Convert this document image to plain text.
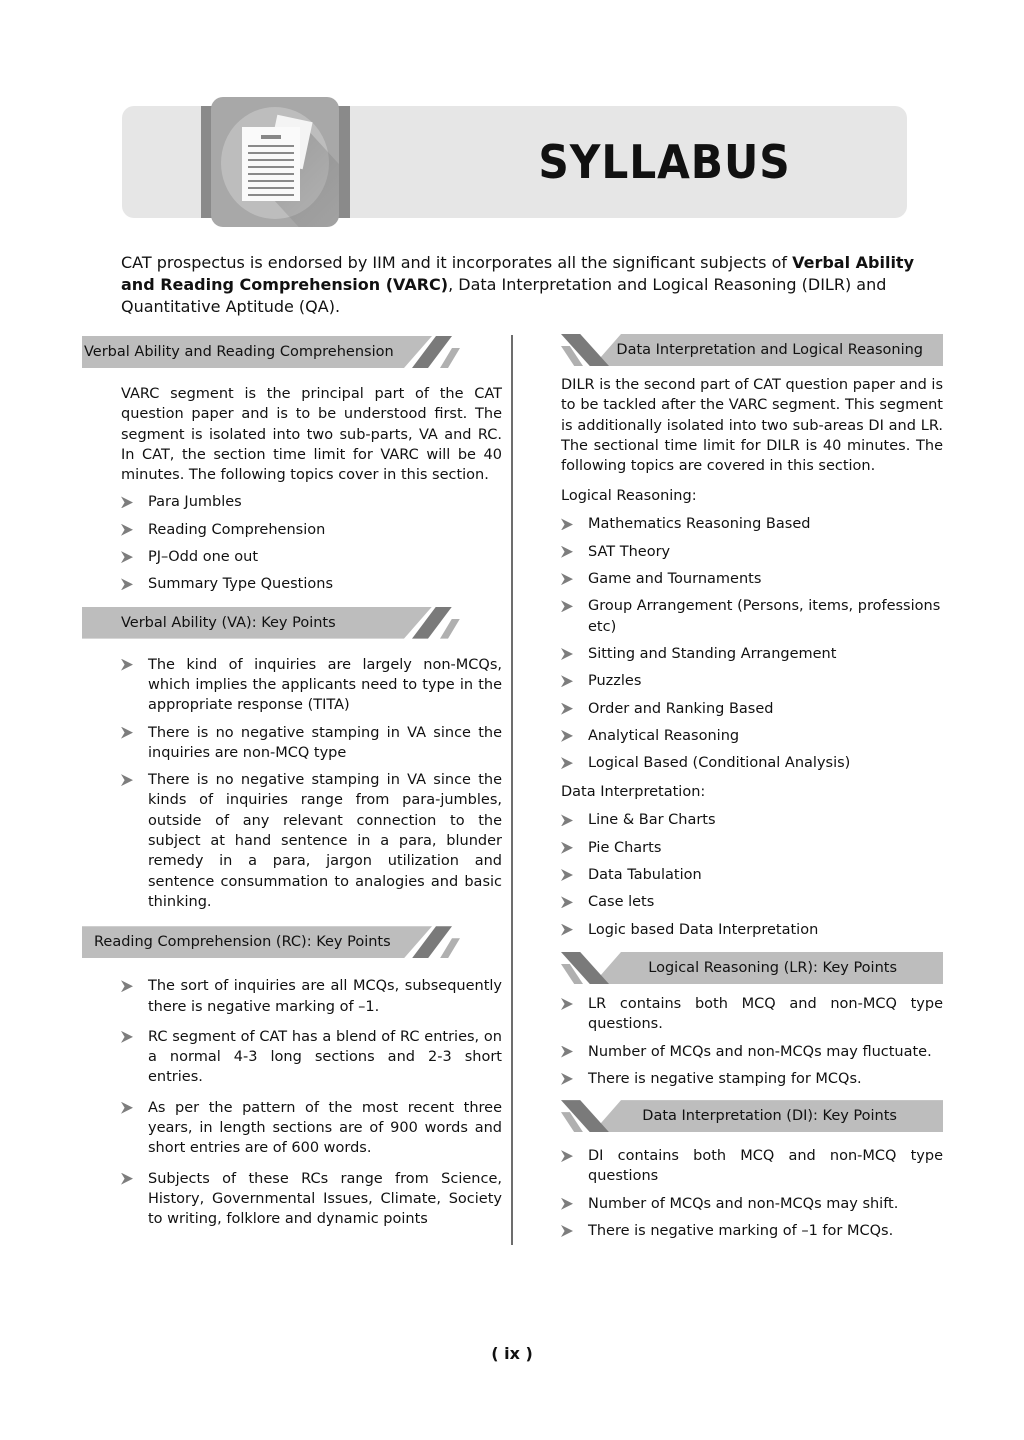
SYLLABUS

CAT prospectus is endorsed by IIM and it incorporates all the significant subjects of Verbal Ability and Reading Comprehension (VARC), Data Interpretation and Logical Reasoning (DILR) and Quantitative Aptitude (QA).

Verbal Ability and Reading Comprehension

VARC segment is the principal part of the CAT question paper and is to be understood first. The segment is isolated into two sub-parts, VA and RC. In CAT, the section time limit for VARC will be 40 minutes. The following topics cover in this section.

Para Jumbles
Reading Comprehension
PJ–Odd one out
Summary Type Questions
Verbal Ability (VA): Key Points
The kind of inquiries are largely non-MCQs, which implies the applicants need to type in the appropriate response (TITA)
There is no negative stamping in VA since the inquiries are non-MCQ type
There is no negative stamping in VA since the kinds of inquiries range from para-jumbles, outside of any relevant connection to the subject at hand sentence in a para, blunder remedy in a para, jargon utilization and sentence consummation to analogies and basic thinking.
Reading Comprehension (RC): Key Points
The sort of inquiries are all MCQs, subsequently there is negative marking of –1.
RC segment of CAT has a blend of RC entries, on a normal 4-3 long sections and 2-3 short entries.
As per the pattern of the most recent three years, in length sections are of 900 words and short entries are of 600 words.
Subjects of these RCs range from Science, History, Governmental Issues, Climate, Society to writing, folklore and dynamic points
Data Interpretation and Logical Reasoning

DILR is the second part of CAT question paper and is to be tackled after the VARC segment. This segment is additionally isolated into two sub-areas DI and LR. The sectional time limit for DILR is 40 minutes. The following topics are covered in this section.

Logical Reasoning:

Mathematics Reasoning Based
SAT Theory
Game and Tournaments
Group Arrangement (Persons, items, professions etc)
Sitting and Standing Arrangement
Puzzles
Order and Ranking Based
Analytical Reasoning
Logical Based (Conditional Analysis)

Data Interpretation:

Line & Bar Charts
Pie Charts
Data Tabulation
Case lets
Logic based Data Interpretation
Logical Reasoning (LR): Key Points
LR contains both MCQ and non-MCQ type questions.
Number of MCQs and non-MCQs may fluctuate.
There is negative stamping for MCQs.
Data Interpretation (DI): Key Points
DI contains both MCQ and non-MCQ type questions
Number of MCQs and non-MCQs may shift.
There is negative marking of –1 for MCQs.
( ix )
